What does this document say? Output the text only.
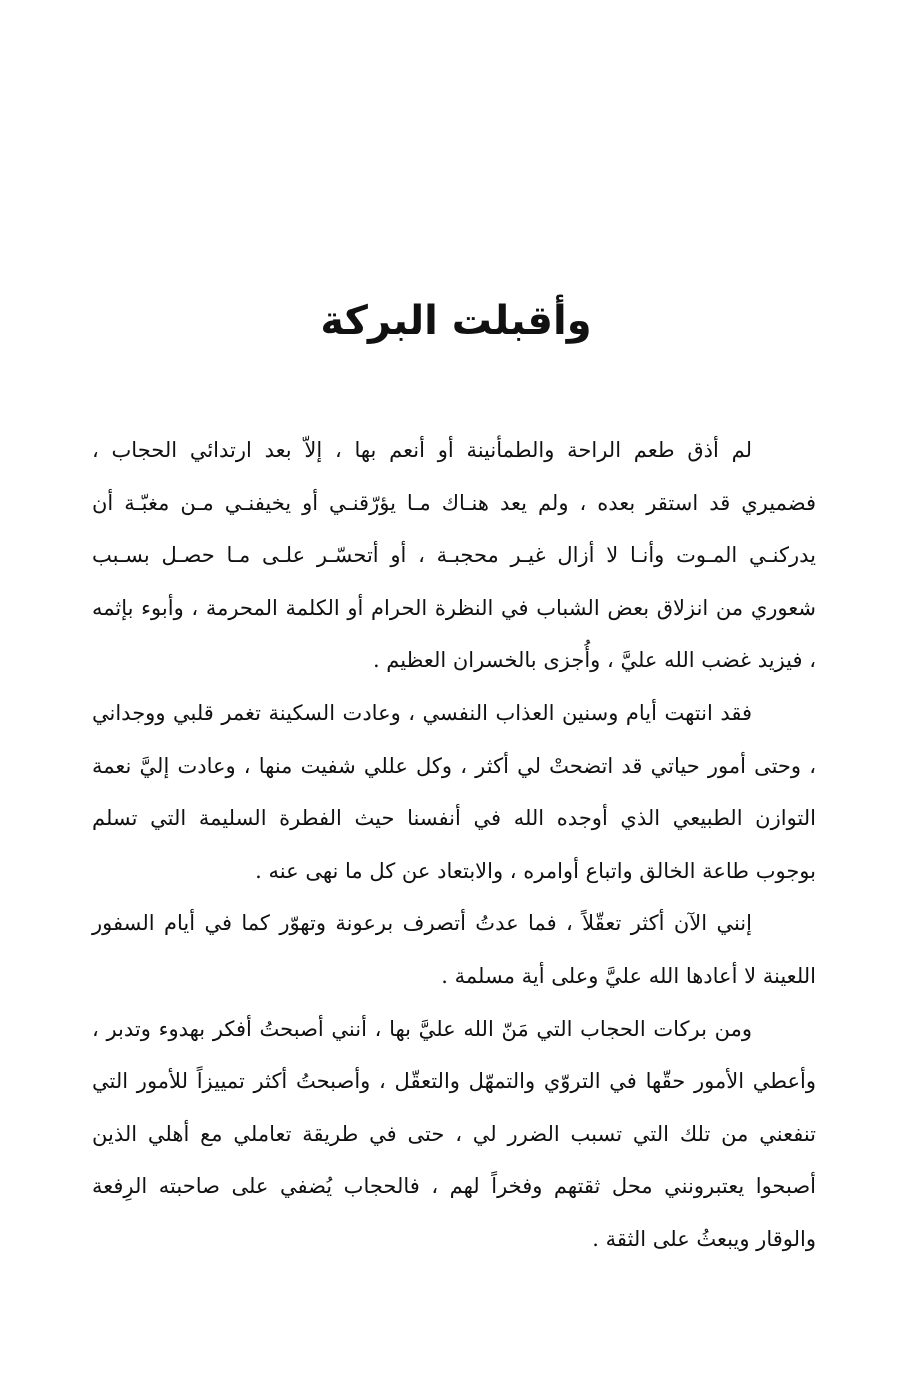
وأقبلت البركة

لم أذق طعم الراحة والطمأنينة أو أنعم بها ، إلاّ بعد ارتدائي الحجاب ، فضميري قد استقر بعده ، ولم يعد هنـاك مـا يؤرّقنـي أو يخيفنـي مـن مغبّـة أن يدركنـي المـوت وأنـا لا أزال غيـر محجبـة ، أو أتحسّـر علـى مـا حصـل بسـبب شعوري من انزلاق بعض الشباب في النظرة الحرام أو الكلمة المحرمة ، وأبوء بإثمه ، فيزيد غضب الله عليَّ ، وأُجزى بالخسران العظيم .

فقد انتهت أيام وسنين العذاب النفسي ، وعادت السكينة تغمر قلبي ووجداني ، وحتى أمور حياتي قد اتضحتْ لي أكثر ، وكل عللي شفيت منها ، وعادت إليَّ نعمة التوازن الطبيعي الذي أوجده الله في أنفسنا حيث الفطرة السليمة التي تسلم بوجوب طاعة الخالق واتباع أوامره ، والابتعاد عن كل ما نهى عنه .

إنني الآن أكثر تعقّلاً ، فما عدتُ أتصرف برعونة وتهوّر كما في أيام السفور اللعينة لا أعادها الله عليَّ وعلى أية مسلمة .

ومن بركات الحجاب التي مَنّ الله عليَّ بها ، أنني أصبحتُ أفكر بهدوء وتدبر ، وأعطي الأمور حقّها في التروّي والتمهّل والتعقّل ، وأصبحتُ أكثر تمييزاً للأمور التي تنفعني من تلك التي تسبب الضرر لي ، حتى في طريقة تعاملي مع أهلي الذين أصبحوا يعتبرونني محل ثقتهم وفخراً لهم ، فالحجاب يُضفي على صاحبته الرِفعة والوقار ويبعثُ على الثقة .
